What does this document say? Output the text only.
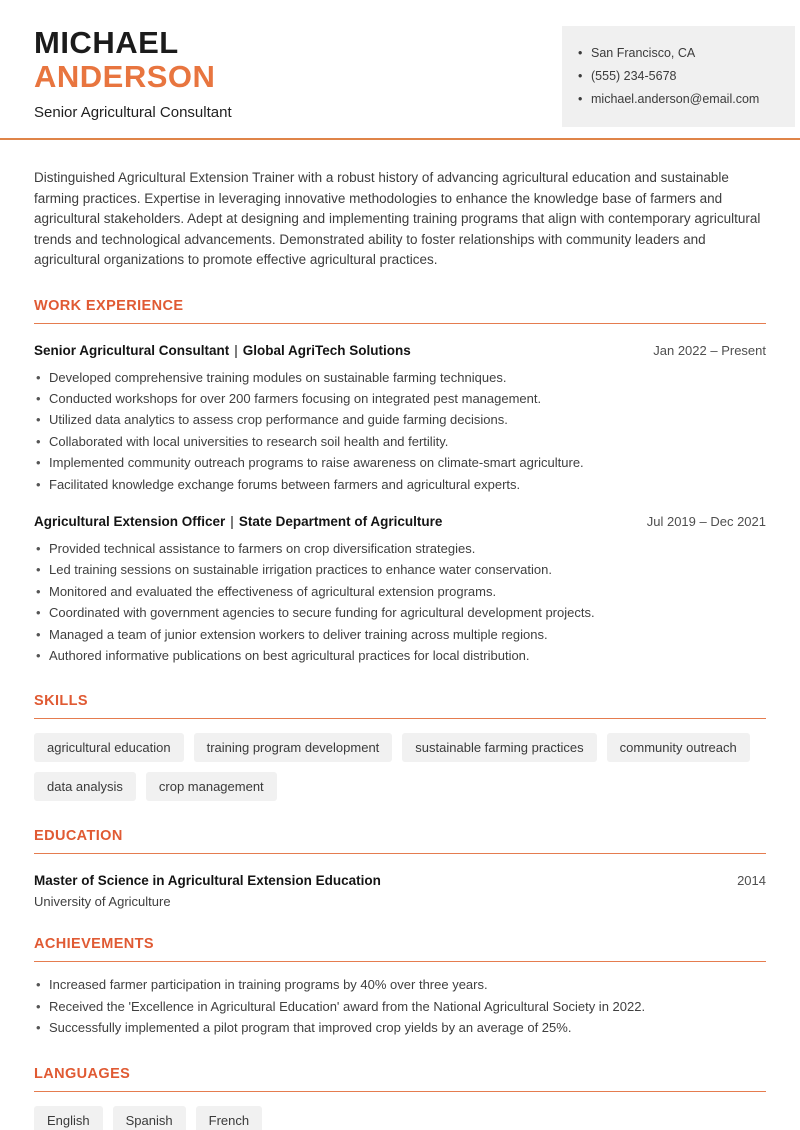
MICHAEL
ANDERSON
Senior Agricultural Consultant
• San Francisco, CA
• (555) 234-5678
• michael.anderson@email.com

Distinguished Agricultural Extension Trainer with a robust history of advancing agricultural education and sustainable farming practices. Expertise in leveraging innovative methodologies to enhance the knowledge base of farmers and agricultural stakeholders. Adept at designing and implementing training programs that align with contemporary agricultural trends and technological advancements. Demonstrated ability to foster relationships with community leaders and agricultural organizations to promote effective agricultural practices.

WORK EXPERIENCE
Senior Agricultural Consultant | Global AgriTech Solutions	Jan 2022 – Present
• Developed comprehensive training modules on sustainable farming techniques.
• Conducted workshops for over 200 farmers focusing on integrated pest management.
• Utilized data analytics to assess crop performance and guide farming decisions.
• Collaborated with local universities to research soil health and fertility.
• Implemented community outreach programs to raise awareness on climate-smart agriculture.
• Facilitated knowledge exchange forums between farmers and agricultural experts.
Agricultural Extension Officer | State Department of Agriculture	Jul 2019 – Dec 2021
• Provided technical assistance to farmers on crop diversification strategies.
• Led training sessions on sustainable irrigation practices to enhance water conservation.
• Monitored and evaluated the effectiveness of agricultural extension programs.
• Coordinated with government agencies to secure funding for agricultural development projects.
• Managed a team of junior extension workers to deliver training across multiple regions.
• Authored informative publications on best agricultural practices for local distribution.
SKILLS
agricultural education	training program development	sustainable farming practices	community outreach
data analysis	crop management
EDUCATION
Master of Science in Agricultural Extension Education	2014
University of Agriculture
ACHIEVEMENTS
• Increased farmer participation in training programs by 40% over three years.
• Received the 'Excellence in Agricultural Education' award from the National Agricultural Society in 2022.
• Successfully implemented a pilot program that improved crop yields by an average of 25%.
LANGUAGES
English	Spanish	French
